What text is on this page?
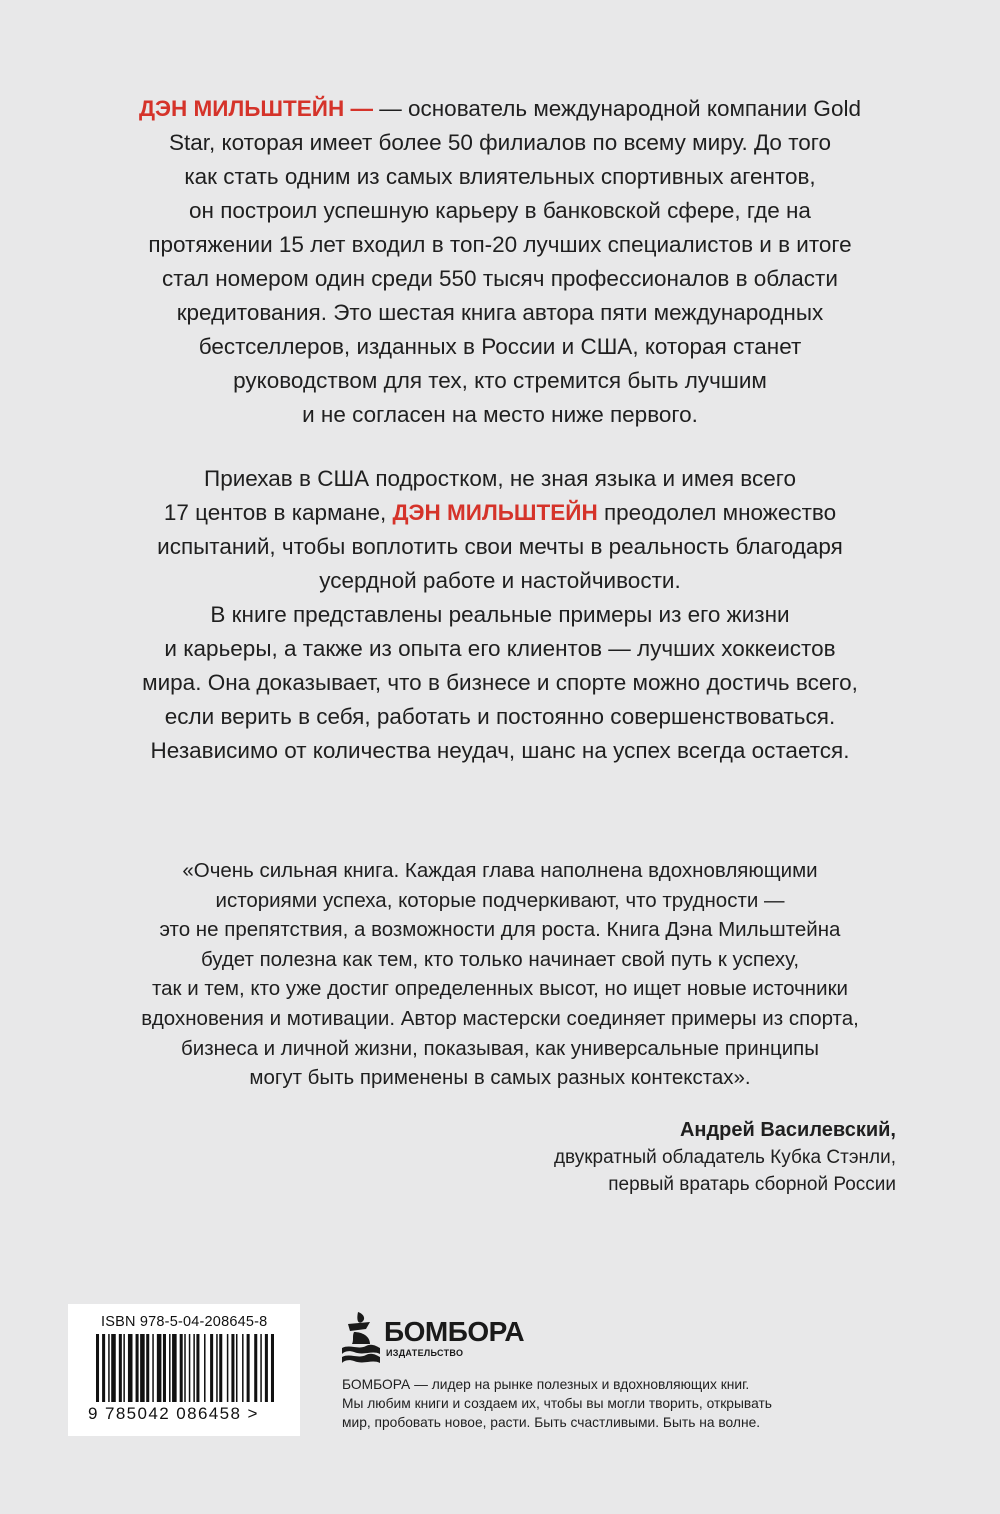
ДЭН МИЛЬШТЕЙН — — основатель международной компании Gold
Star, которая имеет более 50 филиалов по всему миру. До того
как стать одним из самых влиятельных спортивных агентов,
он построил успешную карьеру в банковской сфере, где на
протяжении 15 лет входил в топ-20 лучших специалистов и в итоге
стал номером один среди 550 тысяч профессионалов в области
кредитования. Это шестая книга автора пяти международных
бестселлеров, изданных в России и США, которая станет
руководством для тех, кто стремится быть лучшим
и не согласен на место ниже первого.
Приехав в США подростком, не зная языка и имея всего
17 центов в кармане, ДЭН МИЛЬШТЕЙН преодолел множество
испытаний, чтобы воплотить свои мечты в реальность благодаря
усердной работе и настойчивости.
В книге представлены реальные примеры из его жизни
и карьеры, а также из опыта его клиентов — лучших хоккеистов
мира. Она доказывает, что в бизнесе и спорте можно достичь всего,
если верить в себя, работать и постоянно совершенствоваться.
Независимо от количества неудач, шанс на успех всегда остается.
«Очень сильная книга. Каждая глава наполнена вдохновляющими
историями успеха, которые подчеркивают, что трудности —
это не препятствия, а возможности для роста. Книга Дэна Мильштейна
будет полезна как тем, кто только начинает свой путь к успеху,
так и тем, кто уже достиг определенных высот, но ищет новые источники
вдохновения и мотивации. Автор мастерски соединяет примеры из спорта,
бизнеса и личной жизни, показывая, как универсальные принципы
могут быть применены в самых разных контекстах».
Андрей Василевский,
двукратный обладатель Кубка Стэнли,
первый вратарь сборной России
ISBN 978-5-04-208645-8
9 785042 086458 >
БОМБОРА
ИЗДАТЕЛЬСТВО
БОМБОРА — лидер на рынке полезных и вдохновляющих книг.
Мы любим книги и создаем их, чтобы вы могли творить, открывать
мир, пробовать новое, расти. Быть счастливыми. Быть на волне.
